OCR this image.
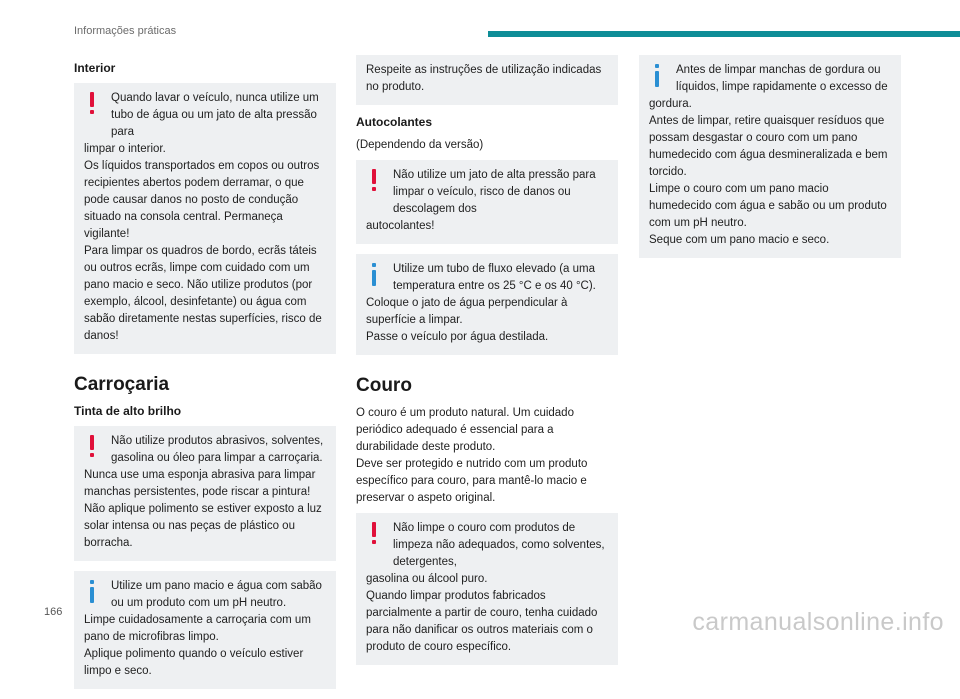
Informações práticas
Interior
Quando lavar o veículo, nunca utilize um tubo de água ou um jato de alta pressão para
limpar o interior.
Os líquidos transportados em copos ou outros recipientes abertos podem derramar, o que pode causar danos no posto de condução situado na consola central. Permaneça vigilante!
Para limpar os quadros de bordo, ecrãs táteis ou outros ecrãs, limpe com cuidado com um pano macio e seco. Não utilize produtos (por exemplo, álcool, desinfetante) ou água com sabão diretamente nestas superfícies, risco de danos!
Carroçaria
Tinta de alto brilho
Não utilize produtos abrasivos, solventes, gasolina ou óleo para limpar a carroçaria.
Nunca use uma esponja abrasiva para limpar manchas persistentes, pode riscar a pintura!
Não aplique polimento se estiver exposto a luz solar intensa ou nas peças de plástico ou borracha.
Utilize um pano macio e água com sabão ou um produto com um pH neutro.
Limpe cuidadosamente a carroçaria com um pano de microfibras limpo.
Aplique polimento quando o veículo estiver limpo e seco.
Respeite as instruções de utilização indicadas no produto.
Autocolantes
(Dependendo da versão)
Não utilize um jato de alta pressão para limpar o veículo, risco de danos ou descolagem dos
autocolantes!
Utilize um tubo de fluxo elevado (a uma temperatura entre os 25 °C e os 40 °C).
Coloque o jato de água perpendicular à superfície a limpar.
Passe o veículo por água destilada.
Couro
O couro é um produto natural. Um cuidado periódico adequado é essencial para a durabilidade deste produto.
Deve ser protegido e nutrido com um produto específico para couro, para mantê-lo macio e preservar o aspeto original.
Não limpe o couro com produtos de limpeza não adequados, como solventes, detergentes,
gasolina ou álcool puro.
Quando limpar produtos fabricados parcialmente a partir de couro, tenha cuidado para não danificar os outros materiais com o produto de couro específico.
Antes de limpar manchas de gordura ou líquidos, limpe rapidamente o excesso de
gordura.
Antes de limpar, retire quaisquer resíduos que possam desgastar o couro com um pano humedecido com água desmineralizada e bem torcido.
Limpe o couro com um pano macio humedecido com água e sabão ou um produto com um pH neutro.
Seque com um pano macio e seco.
166	carmanualsonline.info
